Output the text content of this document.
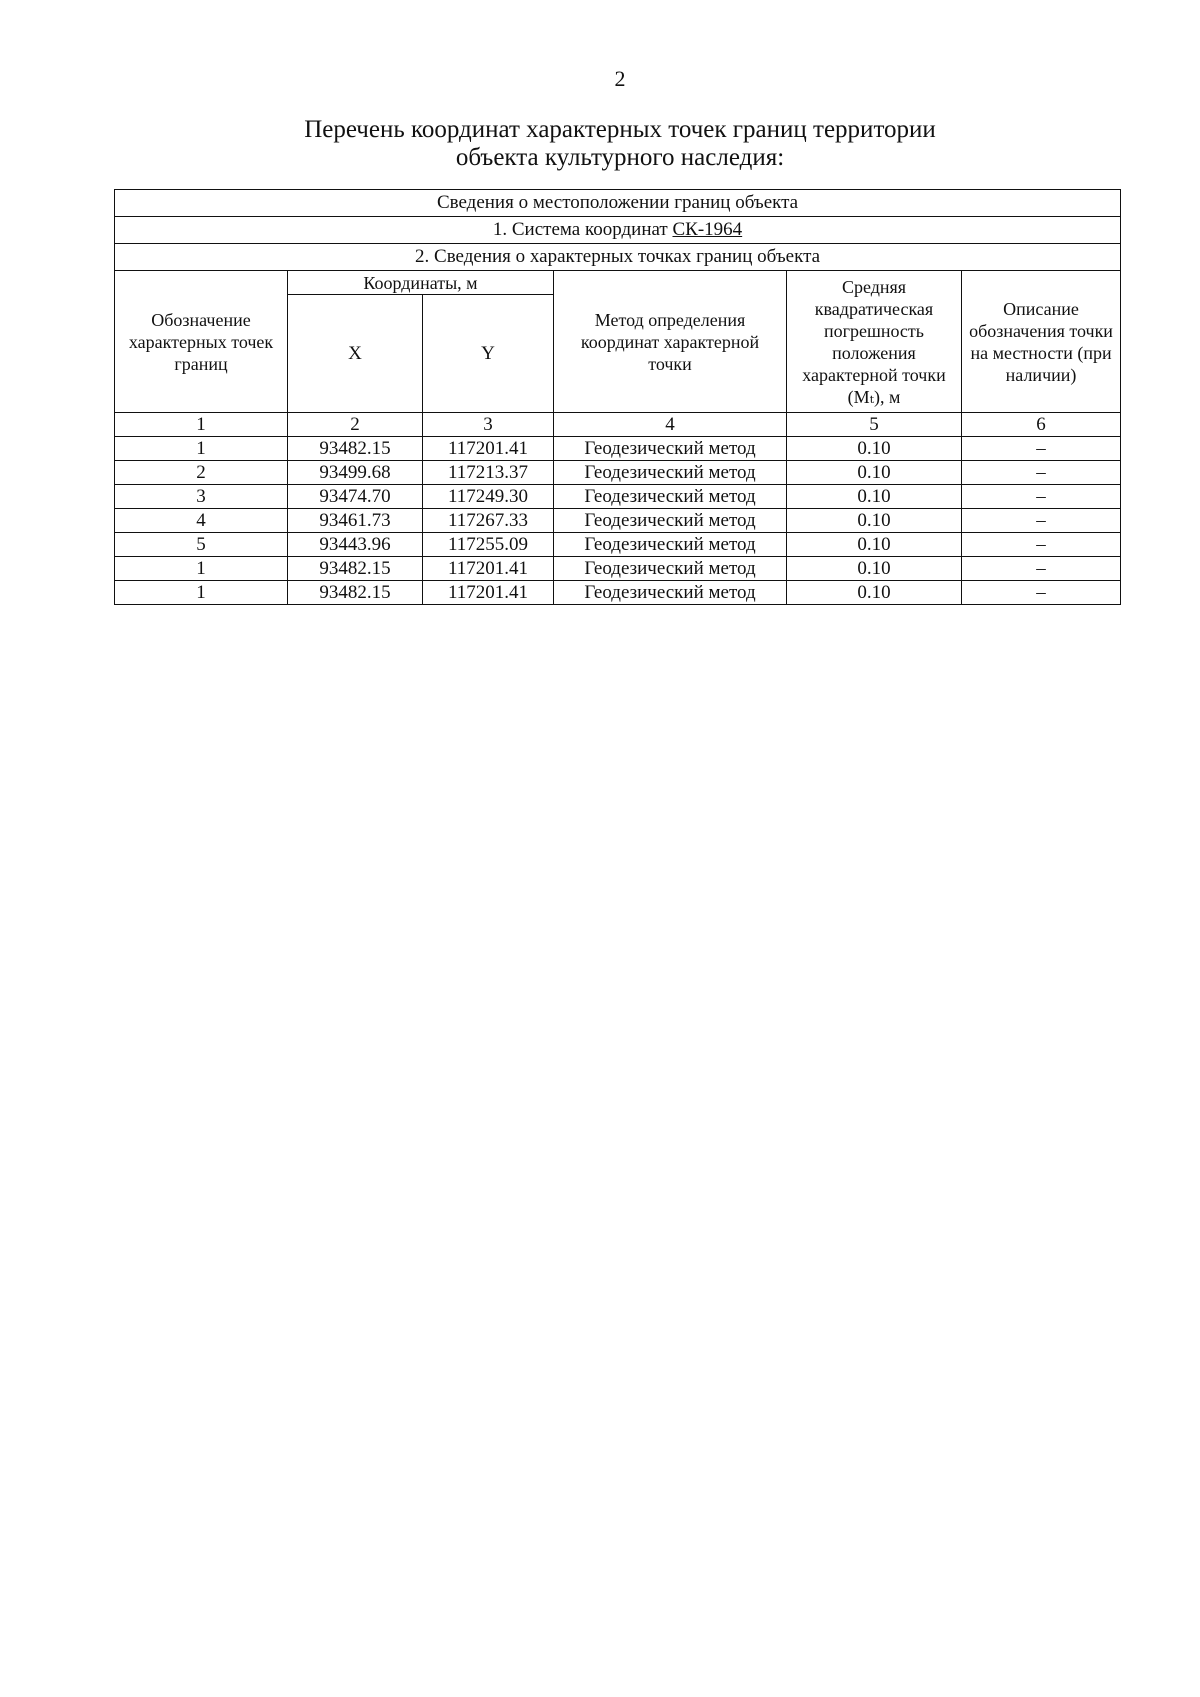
2
Перечень координат характерных точек границ территории
объекта культурного наследия:
Сведения о местоположении границ объекта					
1. Система координат СК-1964					
2. Сведения о характерных точках границ объекта					
Обозначение характерных точек границ	Координаты, м		Метод определения координат характерной точки	Средняя квадратическая погрешность положения характерной точки (Mₜ), м	Описание обозначения точки на местности (при наличии)
	X	Y			
1	2	3	4	5	6
1	93482.15	117201.41	Геодезический метод	0.10	–
2	93499.68	117213.37	Геодезический метод	0.10	–
3	93474.70	117249.30	Геодезический метод	0.10	–
4	93461.73	117267.33	Геодезический метод	0.10	–
5	93443.96	117255.09	Геодезический метод	0.10	–
1	93482.15	117201.41	Геодезический метод	0.10	–
1	93482.15	117201.41	Геодезический метод	0.10	–
